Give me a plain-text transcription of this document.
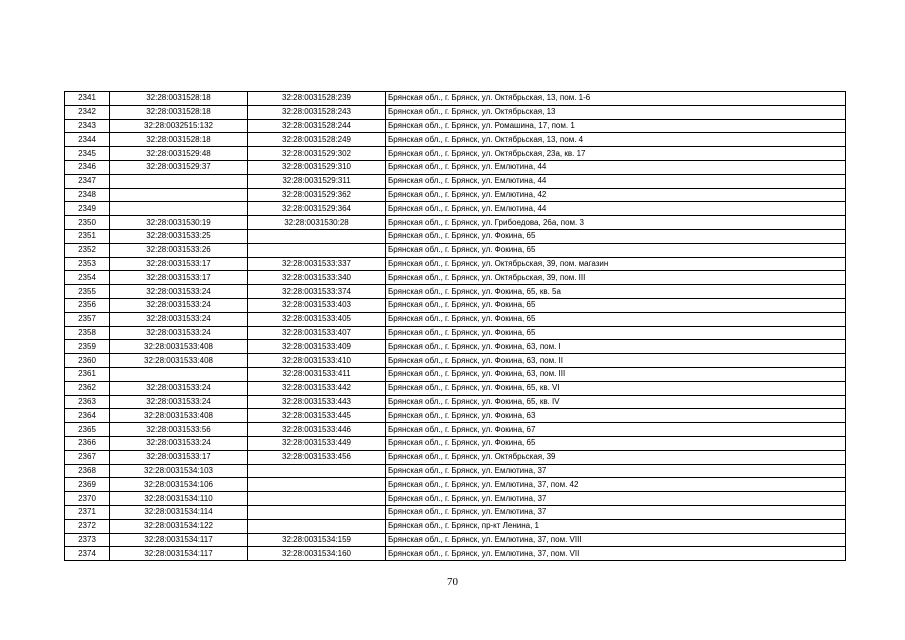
2341	32:28:0031528:18	32:28:0031528:239	Брянская обл., г. Брянск, ул. Октябрьская, 13, пом. 1-6
2342	32:28:0031528:18	32:28:0031528:243	Брянская обл., г. Брянск, ул. Октябрьская, 13
2343	32:28:0032515:132	32:28:0031528:244	Брянская обл., г. Брянск, ул. Ромашина, 17, пом. 1
2344	32:28:0031528:18	32:28:0031528:249	Брянская обл., г. Брянск, ул. Октябрьская, 13, пом. 4
2345	32:28:0031529:48	32:28:0031529:302	Брянская обл., г. Брянск, ул. Октябрьская, 23а, кв. 17
2346	32:28:0031529:37	32:28:0031529:310	Брянская обл., г. Брянск, ул. Емлютина, 44
2347		32:28:0031529:311	Брянская обл., г. Брянск, ул. Емлютина, 44
2348		32:28:0031529:362	Брянская обл., г. Брянск, ул. Емлютина, 42
2349		32:28:0031529:364	Брянская обл., г. Брянск, ул. Емлютина, 44
2350	32:28:0031530:19	32:28:0031530:28	Брянская обл., г. Брянск, ул. Грибоедова, 26а, пом. 3
2351	32:28:0031533:25		Брянская обл., г. Брянск, ул. Фокина, 65
2352	32:28:0031533:26		Брянская обл., г. Брянск, ул. Фокина, 65
2353	32:28:0031533:17	32:28:0031533:337	Брянская обл., г. Брянск, ул. Октябрьская, 39, пом. магазин
2354	32:28:0031533:17	32:28:0031533:340	Брянская обл., г. Брянск, ул. Октябрьская, 39, пом. III
2355	32:28:0031533:24	32:28:0031533:374	Брянская обл., г. Брянск, ул. Фокина, 65, кв. 5а
2356	32:28:0031533:24	32:28:0031533:403	Брянская обл., г. Брянск, ул. Фокина, 65
2357	32:28:0031533:24	32:28:0031533:405	Брянская обл., г. Брянск, ул. Фокина, 65
2358	32:28:0031533:24	32:28:0031533:407	Брянская обл., г. Брянск, ул. Фокина, 65
2359	32:28:0031533:408	32:28:0031533:409	Брянская обл., г. Брянск, ул. Фокина, 63, пом. I
2360	32:28:0031533:408	32:28:0031533:410	Брянская обл., г. Брянск, ул. Фокина, 63, пом. II
2361		32:28:0031533:411	Брянская обл., г. Брянск, ул. Фокина, 63, пом. III
2362	32:28:0031533:24	32:28:0031533:442	Брянская обл., г. Брянск, ул. Фокина, 65, кв. VI
2363	32:28:0031533:24	32:28:0031533:443	Брянская обл., г. Брянск, ул. Фокина, 65, кв. IV
2364	32:28:0031533:408	32:28:0031533:445	Брянская обл., г. Брянск, ул. Фокина, 63
2365	32:28:0031533:56	32:28:0031533:446	Брянская обл., г. Брянск, ул. Фокина, 67
2366	32:28:0031533:24	32:28:0031533:449	Брянская обл., г. Брянск, ул. Фокина, 65
2367	32:28:0031533:17	32:28:0031533:456	Брянская обл., г. Брянск, ул. Октябрьская, 39
2368	32:28:0031534:103		Брянская обл., г. Брянск, ул. Емлютина, 37
2369	32:28:0031534:106		Брянская обл., г. Брянск, ул. Емлютина, 37, пом. 42
2370	32:28:0031534:110		Брянская обл., г. Брянск, ул. Емлютина, 37
2371	32:28:0031534:114		Брянская обл., г. Брянск, ул. Емлютина, 37
2372	32:28:0031534:122		Брянская обл., г. Брянск, пр-кт Ленина, 1
2373	32:28:0031534:117	32:28:0031534:159	Брянская обл., г. Брянск, ул. Емлютина, 37, пом. VIII
2374	32:28:0031534:117	32:28:0031534:160	Брянская обл., г. Брянск, ул. Емлютина, 37, пом. VII
70
